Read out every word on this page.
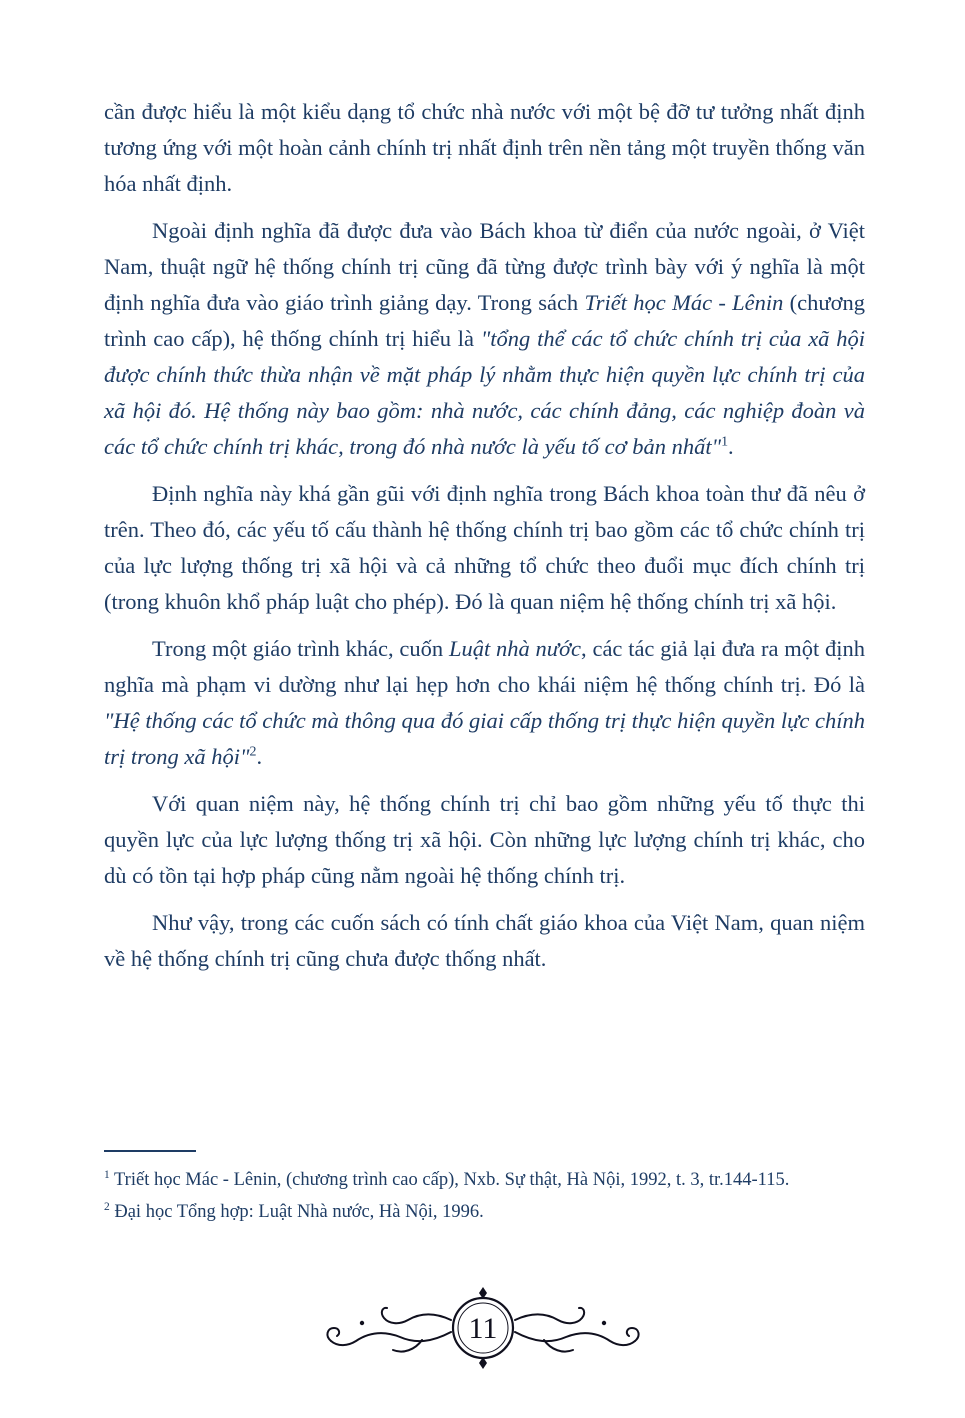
cần được hiểu là một kiểu dạng tổ chức nhà nước với một bệ đỡ tư tưởng nhất định tương ứng với một hoàn cảnh chính trị nhất định trên nền tảng một truyền thống văn hóa nhất định.

Ngoài định nghĩa đã được đưa vào Bách khoa từ điển của nước ngoài, ở Việt Nam, thuật ngữ hệ thống chính trị cũng đã từng được trình bày với ý nghĩa là một định nghĩa đưa vào giáo trình giảng dạy. Trong sách Triết học Mác - Lênin (chương trình cao cấp), hệ thống chính trị hiểu là "tổng thể các tổ chức chính trị của xã hội được chính thức thừa nhận về mặt pháp lý nhằm thực hiện quyền lực chính trị của xã hội đó. Hệ thống này bao gồm: nhà nước, các chính đảng, các nghiệp đoàn và các tổ chức chính trị khác, trong đó nhà nước là yếu tố cơ bản nhất"$^1$.

Định nghĩa này khá gần gũi với định nghĩa trong Bách khoa toàn thư đã nêu ở trên. Theo đó, các yếu tố cấu thành hệ thống chính trị bao gồm các tổ chức chính trị của lực lượng thống trị xã hội và cả những tổ chức theo đuổi mục đích chính trị (trong khuôn khổ pháp luật cho phép). Đó là quan niệm hệ thống chính trị xã hội.

Trong một giáo trình khác, cuốn Luật nhà nước, các tác giả lại đưa ra một định nghĩa mà phạm vi dường như lại hẹp hơn cho khái niệm hệ thống chính trị. Đó là "Hệ thống các tổ chức mà thông qua đó giai cấp thống trị thực hiện quyền lực chính trị trong xã hội"$^2$.

Với quan niệm này, hệ thống chính trị chỉ bao gồm những yếu tố thực thi quyền lực của lực lượng thống trị xã hội. Còn những lực lượng chính trị khác, cho dù có tồn tại hợp pháp cũng nằm ngoài hệ thống chính trị.

Như vậy, trong các cuốn sách có tính chất giáo khoa của Việt Nam, quan niệm về hệ thống chính trị cũng chưa được thống nhất.

$^1$ Triết học Mác - Lênin, (chương trình cao cấp), Nxb. Sự thật, Hà Nội, 1992, t. 3, tr.144-115.

$^2$ Đại học Tổng hợp: Luật Nhà nước, Hà Nội, 1996.

11
